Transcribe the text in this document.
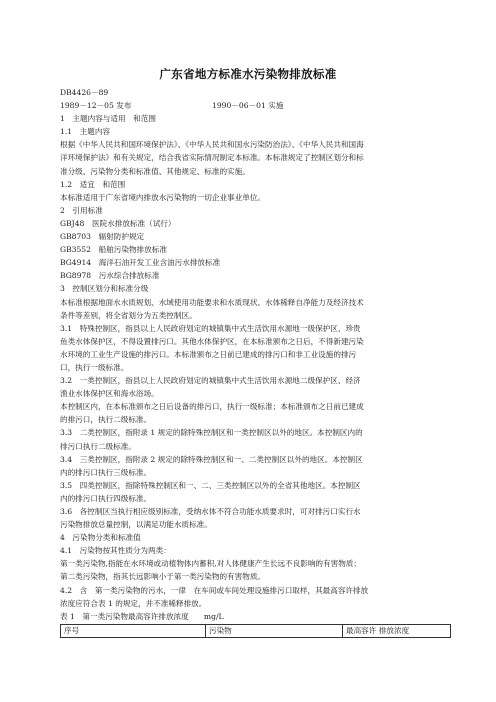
广东省地方标准水污染物排放标准

DB4426－89

1989－12－05 发布	1990－06－01 实施

1　主题内容与适用　和范围

1.1　主题内容

根据《中华人民共和国环境保护法》、《中华人民共和国水污染防治法》、《中华人民共和国海

洋环境保护法》和有关规定，结合我省实际情况制定本标准。本标准规定了控制区划分和标

准分级、污染物分类和标准值、其他规定、标准的实施。

1.2　适宜　和范围

本标准适用于广东省境内排放水污染物的一切企业事业单位。

2　引用标准

GBJ48　医院水排放标准（试行）

GB8703　辐射防护规定

GB3552　船舶污染物排放标准

BG4914　海洋石油开发工业含油污水排放标准

BG8978　污水综合排放标准

3　控制区划分和标准分级

本标准根据地面水水质规划、水域使用功能要求和水质现状、水体稀释自净能力及经济技术

条件等差别，将全省划分为五类控制区。

3.1　特殊控制区，指县以上人民政府划定的城镇集中式生活饮用水源地一级保护区、珍贵

鱼类水体保护区，不得设置排污口。其他水体保护区，在本标准颁布之日后，不得新建污染

水环境的工业生产设施的排污口。本标准颁布之日前已建成的排污口和非工业设施的排污

口，执行一级标准。

3.2　一类控制区，指县以上人民政府划定的城镇集中式生活饮用水源地二级保护区、经济

渔业水体保护区和海水浴场。

本控制区内，在本标准颁布之日后设备的排污口，执行一级标准；本标准颁布之日前已建成

的排污口，执行二级标准。

3.3　二类控制区，指附录 1 规定的除特殊控制区和一类控制区以外的地区。本控制区内的

排污口执行二级标准。

3.4　三类控制区，指附录 2 规定的除特殊控制区和一、二类控制区以外的地区。本控制区

内的排污口执行三级标准。

3.5　四类控制区，指除特殊控制区和一、二、三类控制区以外的全省其他地区。本控制区

内的排污口执行四级标准。

3.6　各控制区当执行相应级别标准，受纳水体不符合功能水质要求时，可对排污口实行水

污染物排放总量控制，以满足功能水质标准。

4　污染物分类和标准值

4.1　污染物按其性质分为两类：

第一类污染物,指能在水环境或动植物体内蓄积,对人体健康产生长远不良影响的有害物质；

第二类污染物，指其长远影响小于第一类污染物的有害物质。

4.2　含　第一类污染物的污水，一律　在车间或车间处理设施排污口取样，其最高容许排放

浓度应符合表 1 的规定，并不准稀释排放。

表 1　第一类污染物最高容许排放浓度　　mg/L

序号	污染物	最高容许 排放浓度
